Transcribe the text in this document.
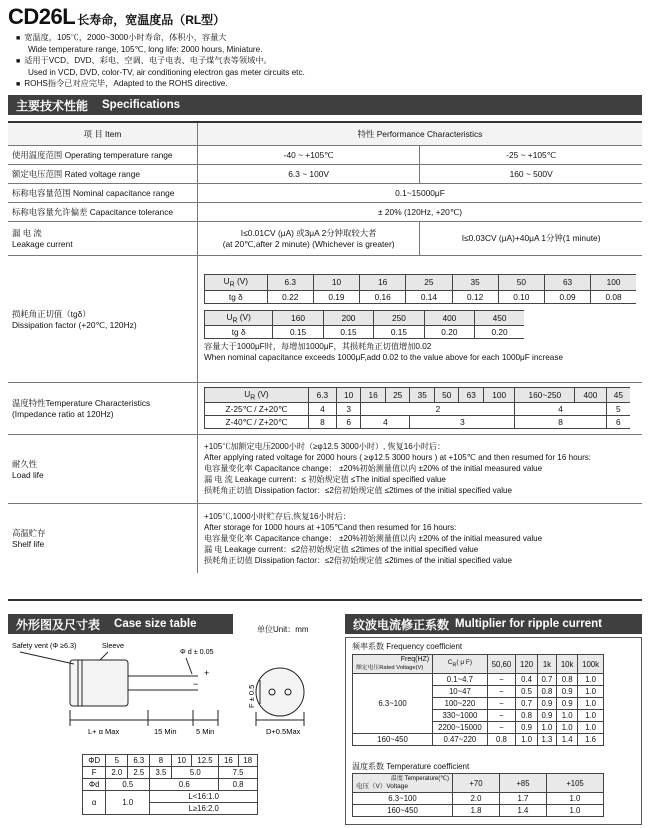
CD26L 长寿命，宽温度品（RL型）
■ 宽温度，105℃，2000~3000小时寿命，体积小，容量大
Wide temperature range, 105℃, long life: 2000 hours, Miniature.
■ 适用于VCD、DVD、彩电、空调、电子电表、电子煤气表等领域中。
Used in VCD, DVD, color-TV, air conditioning electron gas meter circuits etc.
■ ROHS指令已对应完毕，Adapted to the ROHS directive.
主要技术性能 Specifications
项 目 Item	特性 Performance Characteristics
使用温度范围 Operating temperature range	-40 ~ +105℃	-25 ~ +105℃
额定电压范围 Rated voltage range	6.3 ~ 100V	160 ~ 500V
标称电容量范围 Nominal capacitance range	0.1~15000μF
标称电容量允许偏差 Capacitance tolerance	± 20% (120Hz, +20℃)

漏 电 流
Leakage current

I≤0.01CV (μA) 或3μA 2分钟取较大者
(at 20℃,after 2 minute) (Whichever is greater)
	I≤0.03CV (μA)+40μA 1分钟(1 minute)

损耗角正切值（tgδ）
Dissipation factor (+20℃, 120Hz)

$U_R$ (V)	6.3	10	16	25	35	50	63	100
tg δ	0.22	0.19	0.16	0.14	0.12	0.10	0.09	0.08
$U_R$ (V)	160	200	250	400	450
tg δ	0.15	0.15	0.15	0.20	0.20
容量大于1000μF时，每增加1000μF，其损耗角正切值增加0.02
When nominal capacitance exceeds 1000μF,add 0.02 to the value above for each 1000μF increase

温度特性Temperature Characteristics
(Impedance ratio at 120Hz)

$U_R$ (V)	6.3	10	16	25	35	50	63	100	160~250	400	45
Z-25℃ / Z+20℃	4	3	2	4	5
Z-40℃ / Z+20℃	8	6	4	3	8	6

耐久性
Load life

+105℃加额定电压2000小时（≥φ12.5 3000小时）, 恢复16小时后：
After applying rated voltage for 2000 hours ( ≥φ12.5 3000 hours ) at +105℃ and then resumed for 16 hours:
电容量变化率 Capacitance change： ±20%初始测量值以内 ±20% of the initial measured value
漏 电 流 Leakage current：≤ 初始规定值 ≤The initial specified value
损耗角正切值 Dissipation factor：≤2倍初始规定值 ≤2times of the initial specified value

高温贮存
Shelf life

+105℃,1000小时贮存后,恢复16小时后：
After storage for 1000 hours at +105℃and then resumed for 16 hours:
电容量变化率 Capacitance change： ±20%初始测量值以内 ±20% of the initial measured value
漏 电 Leakage current：≤2倍初始规定值 ≤2times of the initial specified value
损耗角正切值 Dissipation factor：≤2倍初始规定值 ≤2times of the initial specified value
外形图及尺寸表 Case size table	单位Unit：mm
Safety vent (Φ ≥6.3)	Sleeve
Φ d ± 0.05
L+ α Max	15 Min	5 Min	D+0.5Max
F ± 0.5
−
+
ΦD	5	6.3	8	10	12.5	16	18
F	2.0	2.5	3.5	5.0		7.5	
Φd	0.5		0.6			0.8	
α	1.0		L<16:1.0				
			L≥16:2.0				
纹波电流修正系数 Multiplier for ripple current
频率系数 Frequency coefficient
Freq(HZ)
额定电压Rated Voltage(V)	$C_R$( μ F)	50,60	120	1k	10k	100k
6.3~100	0.1~4.7	−	0.4	0.7	0.8	1.0
	10~47	−	0.5	0.8	0.9	1.0
	100~220	−	0.7	0.9	0.9	1.0
	330~1000	−	0.8	0.9	1.0	1.0
	2200~15000	−	0.9	1.0	1.0	1.0
160~450	0.47~220	0.8	1.0	1.3	1.4	1.6
温度系数 Temperature coefficient
温度 Temperature(℃)
电压（V）Voltage	+70	+85	+105
6.3~100	2.0	1.7	1.0
160~450	1.8	1.4	1.0
